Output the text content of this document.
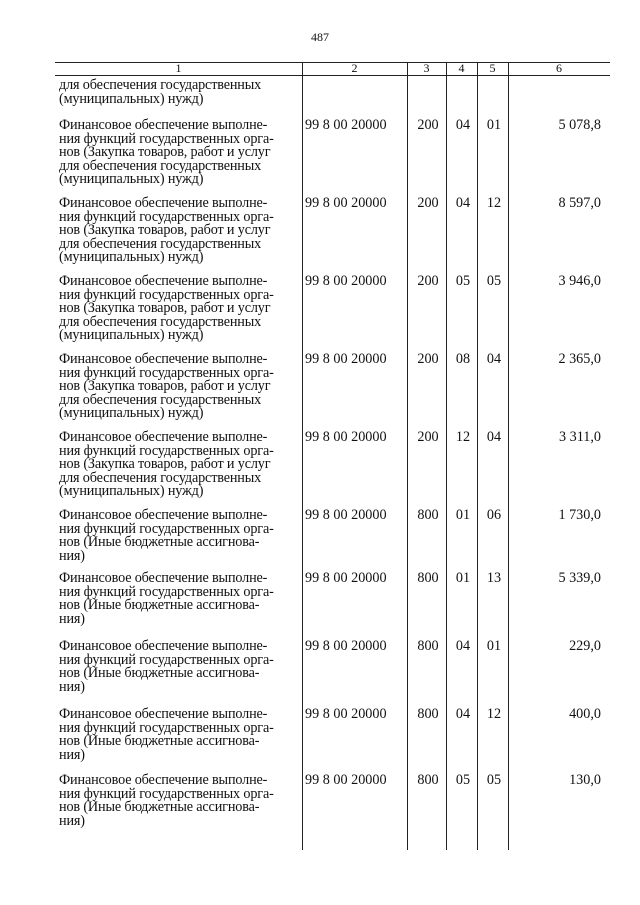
487
1	2	3	4	5	6
для обеспечения государственных
(муниципальных) нужд)
Финансовое обеспечение выполне-
ния функций государственных орга-
нов (Закупка товаров, работ и услуг
для обеспечения государственных
(муниципальных) нужд)
99 8 00 20000	200	04	01	5 078,8
Финансовое обеспечение выполне-
ния функций государственных орга-
нов (Закупка товаров, работ и услуг
для обеспечения государственных
(муниципальных) нужд)
99 8 00 20000	200	04	12	8 597,0
Финансовое обеспечение выполне-
ния функций государственных орга-
нов (Закупка товаров, работ и услуг
для обеспечения государственных
(муниципальных) нужд)
99 8 00 20000	200	05	05	3 946,0
Финансовое обеспечение выполне-
ния функций государственных орга-
нов (Закупка товаров, работ и услуг
для обеспечения государственных
(муниципальных) нужд)
99 8 00 20000	200	08	04	2 365,0
Финансовое обеспечение выполне-
ния функций государственных орга-
нов (Закупка товаров, работ и услуг
для обеспечения государственных
(муниципальных) нужд)
99 8 00 20000	200	12	04	3 311,0
Финансовое обеспечение выполне-
ния функций государственных орга-
нов (Иные бюджетные ассигнова-
ния)
99 8 00 20000	800	01	06	1 730,0
Финансовое обеспечение выполне-
ния функций государственных орга-
нов (Иные бюджетные ассигнова-
ния)
99 8 00 20000	800	01	13	5 339,0
Финансовое обеспечение выполне-
ния функций государственных орга-
нов (Иные бюджетные ассигнова-
ния)
99 8 00 20000	800	04	01	229,0
Финансовое обеспечение выполне-
ния функций государственных орга-
нов (Иные бюджетные ассигнова-
ния)
99 8 00 20000	800	04	12	400,0
Финансовое обеспечение выполне-
ния функций государственных орга-
нов (Иные бюджетные ассигнова-
ния)
99 8 00 20000	800	05	05	130,0
